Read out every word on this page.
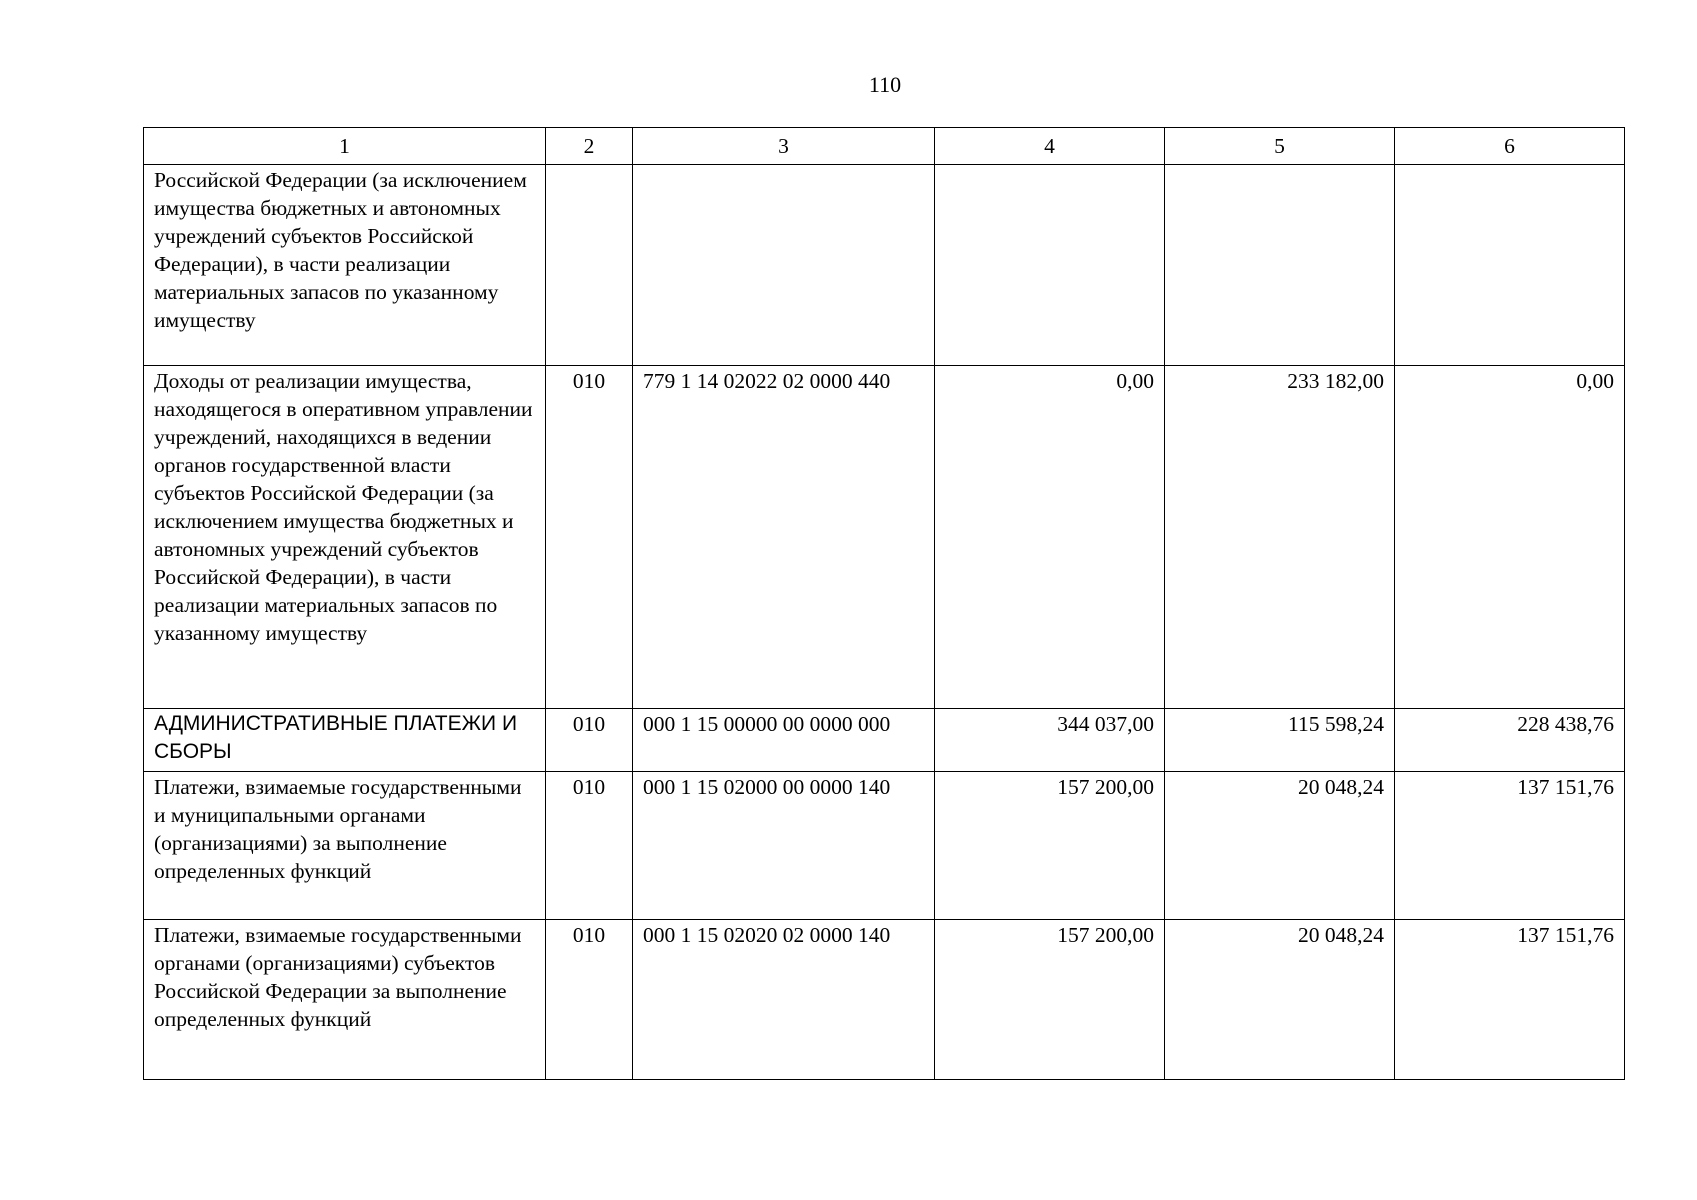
110
1	2	3	4	5	6
Российской Федерации (за исключением имущества бюджетных и автономных учреждений субъектов Российской Федерации), в части реализации материальных запасов по указанному имуществу					
Доходы от реализации имущества, находящегося в оперативном управлении учреждений, находящихся в ведении органов государственной власти субъектов Российской Федерации (за исключением имущества бюджетных и автономных учреждений субъектов Российской Федерации), в части реализации материальных запасов по указанному имуществу	010	779 1 14 02022 02 0000 440	0,00	233 182,00	0,00
АДМИНИСТРАТИВНЫЕ ПЛАТЕЖИ И СБОРЫ	010	000 1 15 00000 00 0000 000	344 037,00	115 598,24	228 438,76
Платежи, взимаемые государственными и муниципальными органами (организациями) за выполнение определенных функций	010	000 1 15 02000 00 0000 140	157 200,00	20 048,24	137 151,76
Платежи, взимаемые государственными органами (организациями) субъектов Российской Федерации за выполнение определенных функций	010	000 1 15 02020 02 0000 140	157 200,00	20 048,24	137 151,76
